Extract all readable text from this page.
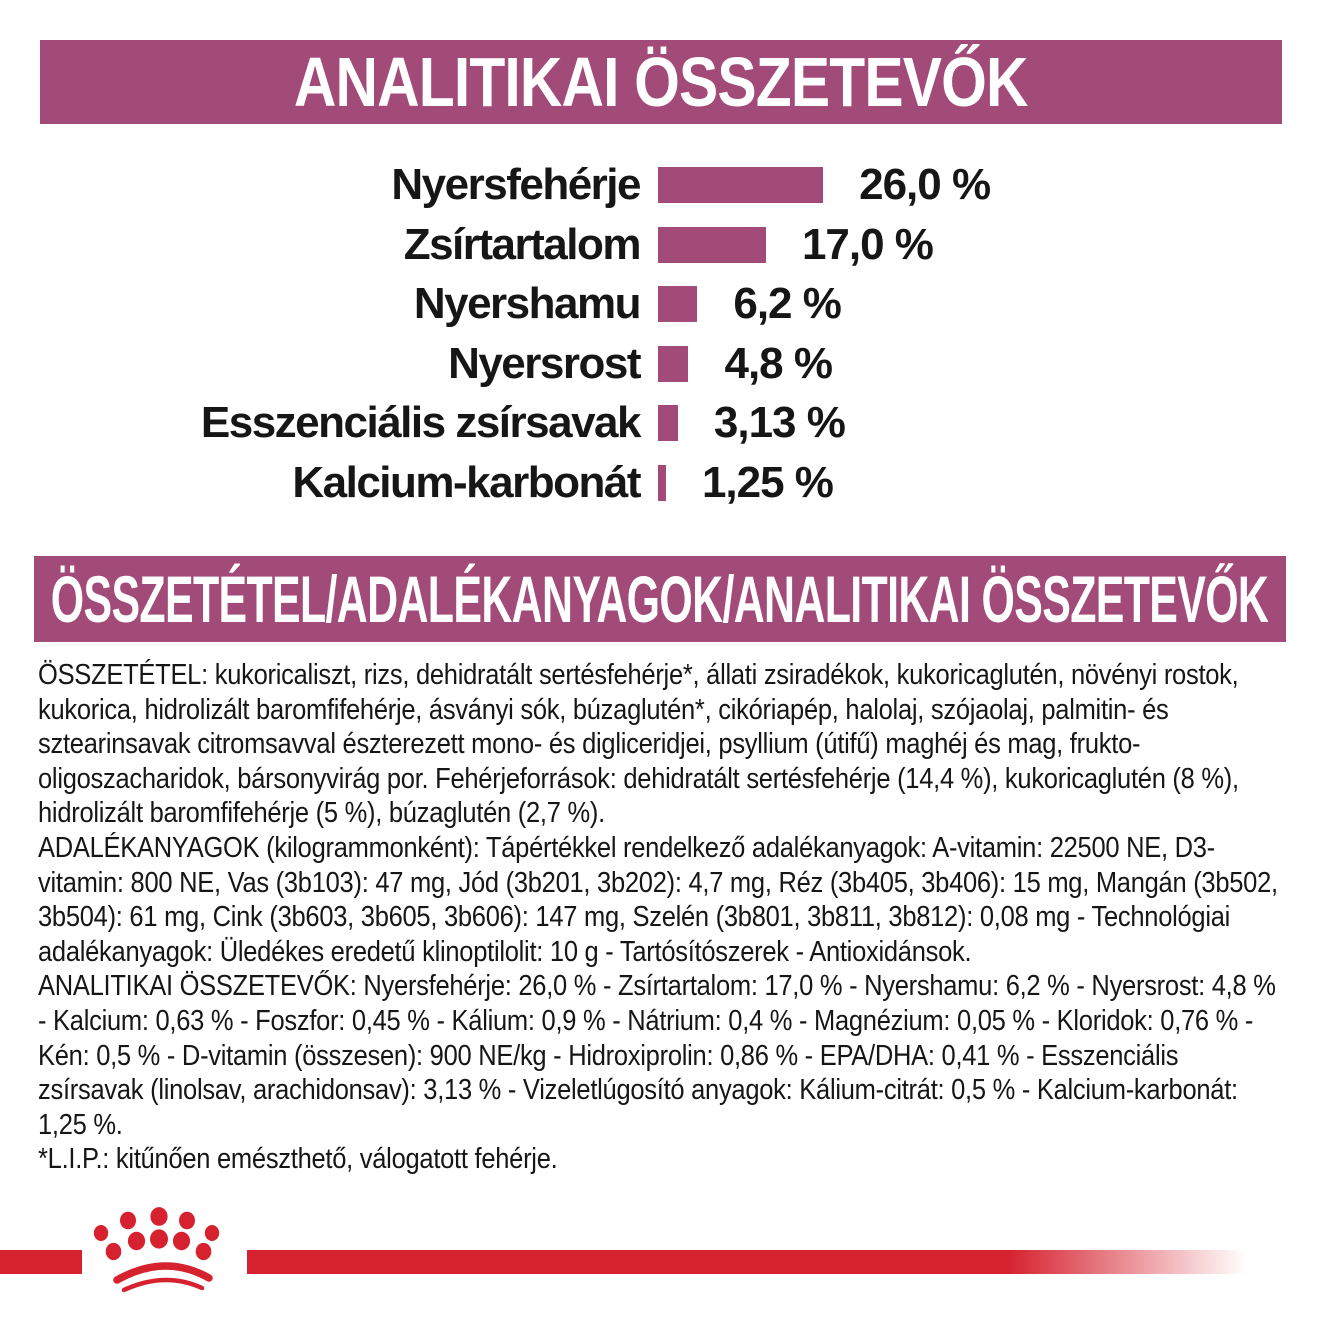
ANALITIKAI ÖSSZETEVŐK
Nyersfehérje	26,0 %
Zsírtartalom	17,0 %
Nyershamu 6,2 %
Nyersrost 4,8 %
Esszenciális zsírsavak 3,13 %
Kalcium-karbonát 1,25 %
ÖSSZETÉTEL/ADALÉKANYAGOK/ANALITIKAI ÖSSZETEVŐK

ÖSSZETÉTEL: kukoricaliszt, rizs, dehidratált sertésfehérje*, állati zsiradékok, kukoricaglutén, növényi rostok, kukorica, hidrolizált baromfifehérje, ásványi sók, búzaglutén*, cikóriapép, halolaj, szójaolaj, palmitin- és sztearinsavak citromsavval észterezett mono- és digliceridjei, psyllium (útifű) maghéj és mag, frukto-oligoszacharidok, bársonyvirág por. Fehérjeforrások: dehidratált sertésfehérje (14,4 %), kukoricaglutén (8 %), hidrolizált baromfifehérje (5 %), búzaglutén (2,7 %).

ADALÉKANYAGOK (kilogrammonként): Tápértékkel rendelkező adalékanyagok: A-vitamin: 22500 NE, D3-vitamin: 800 NE, Vas (3b103): 47 mg, Jód (3b201, 3b202): 4,7 mg, Réz (3b405, 3b406): 15 mg, Mangán (3b502, 3b504): 61 mg, Cink (3b603, 3b605, 3b606): 147 mg, Szelén (3b801, 3b811, 3b812): 0,08 mg - Technológiai adalékanyagok: Üledékes eredetű klinoptilolit: 10 g - Tartósítószerek - Antioxidánsok.

ANALITIKAI ÖSSZETEVŐK: Nyersfehérje: 26,0 % - Zsírtartalom: 17,0 % - Nyershamu: 6,2 % - Nyersrost: 4,8 % - Kalcium: 0,63 % - Foszfor: 0,45 % - Kálium: 0,9 % - Nátrium: 0,4 % - Magnézium: 0,05 % - Kloridok: 0,76 % - Kén: 0,5 % - D-vitamin (összesen): 900 NE/kg - Hidroxiprolin: 0,86 % - EPA/DHA: 0,41 % - Esszenciális zsírsavak (linolsav, arachidonsav): 3,13 % - Vizeletlúgosító anyagok: Kálium-citrát: 0,5 % - Kalcium-karbonát: 1,25 %.

*L.I.P.: kitűnően emészthető, válogatott fehérje.
